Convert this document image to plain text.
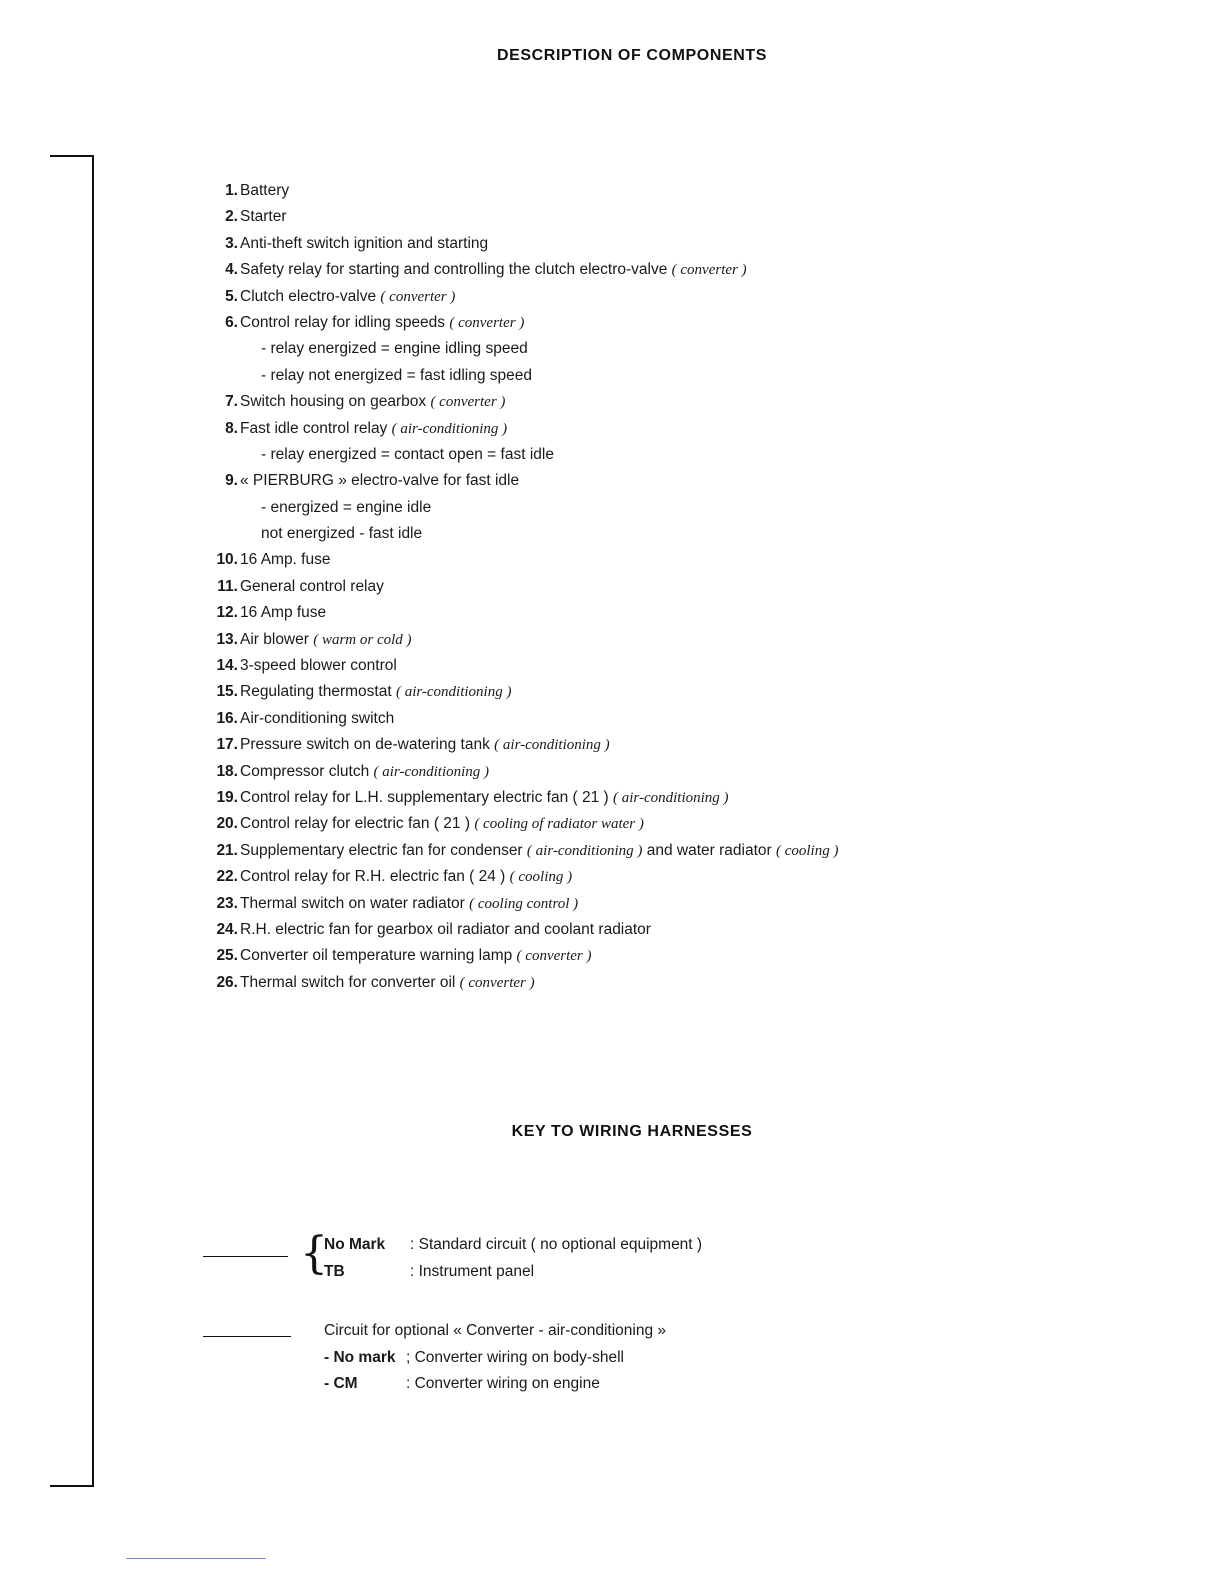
DESCRIPTION OF COMPONENTS
1. Battery
2. Starter
3. Anti-theft switch ignition and starting
4. Safety relay for starting and controlling the clutch electro-valve ( converter )
5. Clutch electro-valve ( converter )
6. Control relay for idling speeds ( converter )
- relay energized = engine idling speed
- relay not energized = fast idling speed
7. Switch housing on gearbox ( converter )
8. Fast idle control relay ( air-conditioning )
- relay energized = contact open = fast idle
9. « PIERBURG » electro-valve for fast idle
- energized = engine idle
not energized - fast idle
10. 16 Amp. fuse
11. General control relay
12. 16 Amp fuse
13. Air blower ( warm or cold )
14. 3-speed blower control
15. Regulating thermostat ( air-conditioning )
16. Air-conditioning switch
17. Pressure switch on de-watering tank ( air-conditioning )
18. Compressor clutch ( air-conditioning )
19. Control relay for L.H. supplementary electric fan ( 21 ) ( air-conditioning )
20. Control relay for electric fan ( 21 ) ( cooling of radiator water )
21. Supplementary electric fan for condenser ( air-conditioning ) and water radiator ( cooling )
22. Control relay for R.H. electric fan ( 24 ) ( cooling )
23. Thermal switch on water radiator ( cooling control )
24. R.H. electric fan for gearbox oil radiator and coolant radiator
25. Converter oil temperature warning lamp ( converter )
26. Thermal switch for converter oil ( converter )
KEY TO WIRING HARNESSES
{
No Mark : Standard circuit ( no optional equipment )
TB	: Instrument panel
Circuit for optional « Converter - air-conditioning »
- No mark ; Converter wiring on body-shell
- CM	: Converter wiring on engine
